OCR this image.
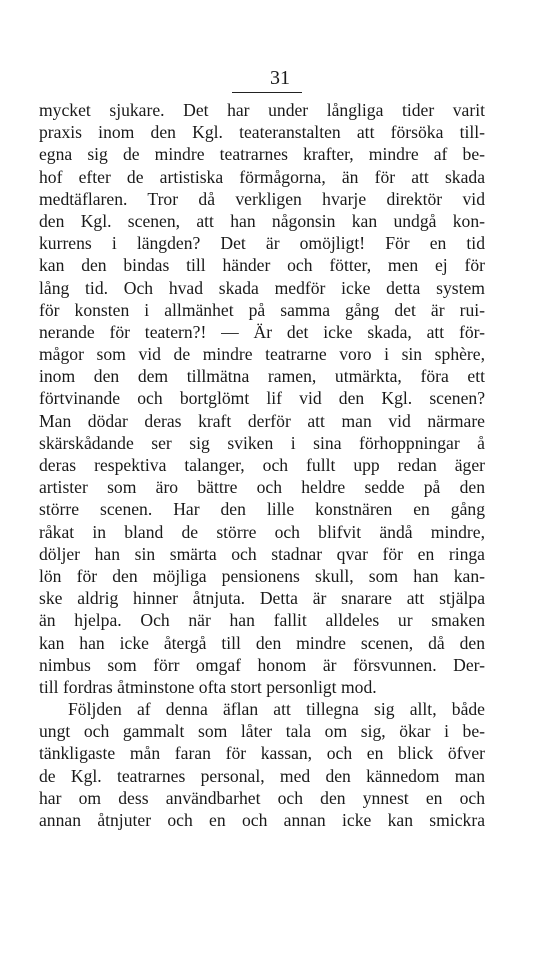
31
mycket sjukare. Det har under långliga tider varit
praxis inom den Kgl. teateranstalten att försöka till-
egna sig de mindre teatrarnes krafter, mindre af be-
hof efter de artistiska förmågorna, än för att skada
medtäflaren. Tror då verkligen hvarje direktör vid
den Kgl. scenen, att han någonsin kan undgå kon-
kurrens i längden? Det är omöjligt! För en tid
kan den bindas till händer och fötter, men ej för
lång tid. Och hvad skada medför icke detta system
för konsten i allmänhet på samma gång det är rui-
nerande för teatern?! — Är det icke skada, att för-
mågor som vid de mindre teatrarne voro i sin sphère,
inom den dem tillmätna ramen, utmärkta, föra ett
förtvinande och bortglömt lif vid den Kgl. scenen?
Man dödar deras kraft derför att man vid närmare
skärskådande ser sig sviken i sina förhoppningar å
deras respektiva talanger, och fullt upp redan äger
artister som äro bättre och heldre sedde på den
större scenen. Har den lille konstnären en gång
råkat in bland de större och blifvit ändå mindre,
döljer han sin smärta och stadnar qvar för en ringa
lön för den möjliga pensionens skull, som han kan-
ske aldrig hinner åtnjuta. Detta är snarare att stjälpa
än hjelpa. Och när han fallit alldeles ur smaken
kan han icke återgå till den mindre scenen, då den
nimbus som förr omgaf honom är försvunnen. Der-
till fordras åtminstone ofta stort personligt mod.
Följden af denna äflan att tillegna sig allt, både
ungt och gammalt som låter tala om sig, ökar i be-
tänkligaste mån faran för kassan, och en blick öfver
de Kgl. teatrarnes personal, med den kännedom man
har om dess användbarhet och den ynnest en och
annan åtnjuter och en och annan icke kan smickra
